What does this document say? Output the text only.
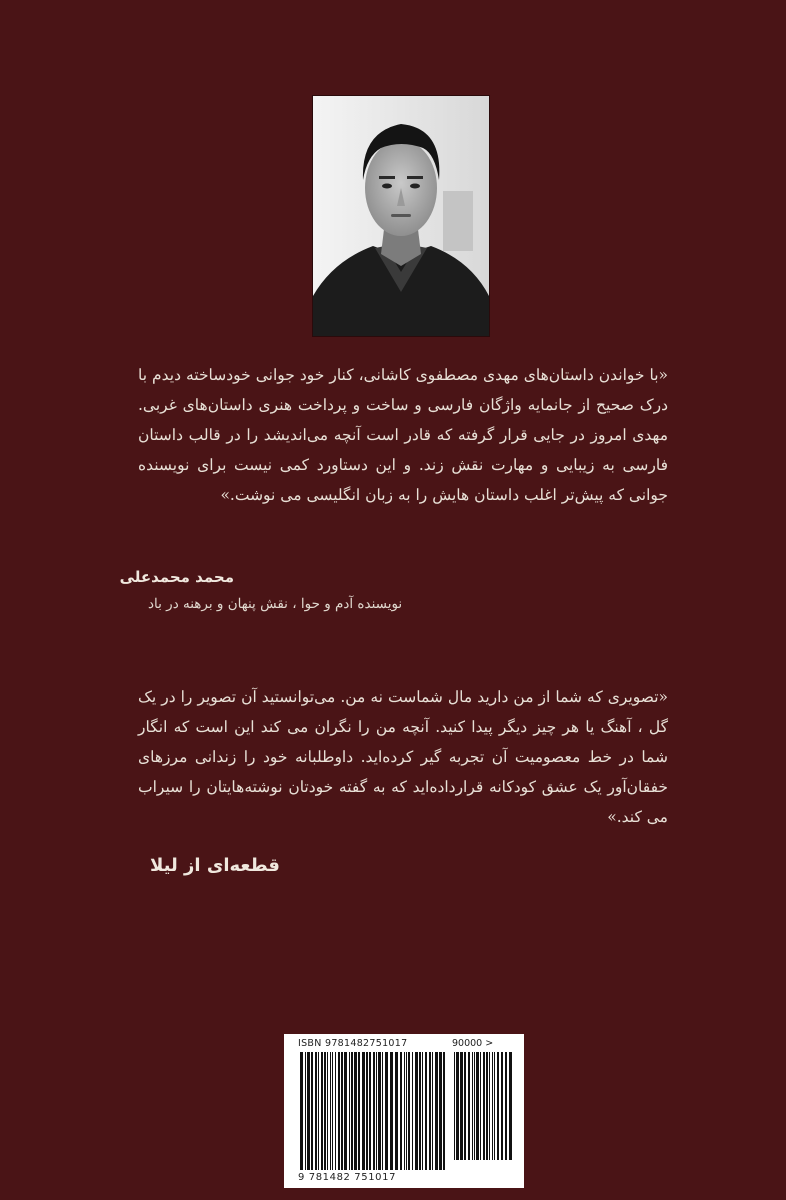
«با خواندن داستان‌های مهدی مصطفوی کاشانی، کنار خود جوانی خودساخته دیدم با درک صحیح از جانمایه واژگان فارسی و ساخت و پرداخت هنری داستان‌های غربی. مهدی امروز در جایی قرار گرفته که قادر است آنچه می‌اندیشد را در قالب داستان فارسی به زیبایی و مهارت نقش زند. و این دستاورد کمی نیست برای نویسنده جوانی که پیش‌تر اغلب داستان هایش را به زبان انگلیسی می نوشت.»

محمد محمدعلی
نویسنده آدم و حوا ، نقش پنهان و برهنه در باد

«تصویری که شما از من دارید مال شماست نه من. می‌توانستید آن تصویر را در یک گل ، آهنگ یا هر چیز دیگر پیدا کنید. آنچه من را نگران می کند این است که انگار شما در خط معصومیت آن تجربه گیر کرده‌اید. داوطلبانه خود را زندانی مرزهای خفقان‌آور یک عشق کودکانه قرارداده‌اید که به گفته خودتان نوشته‌هایتان را سیراب می کند.»

قطعه‌ای از لیلا
ISBN 9781482751017	90000 >
9 781482 751017
